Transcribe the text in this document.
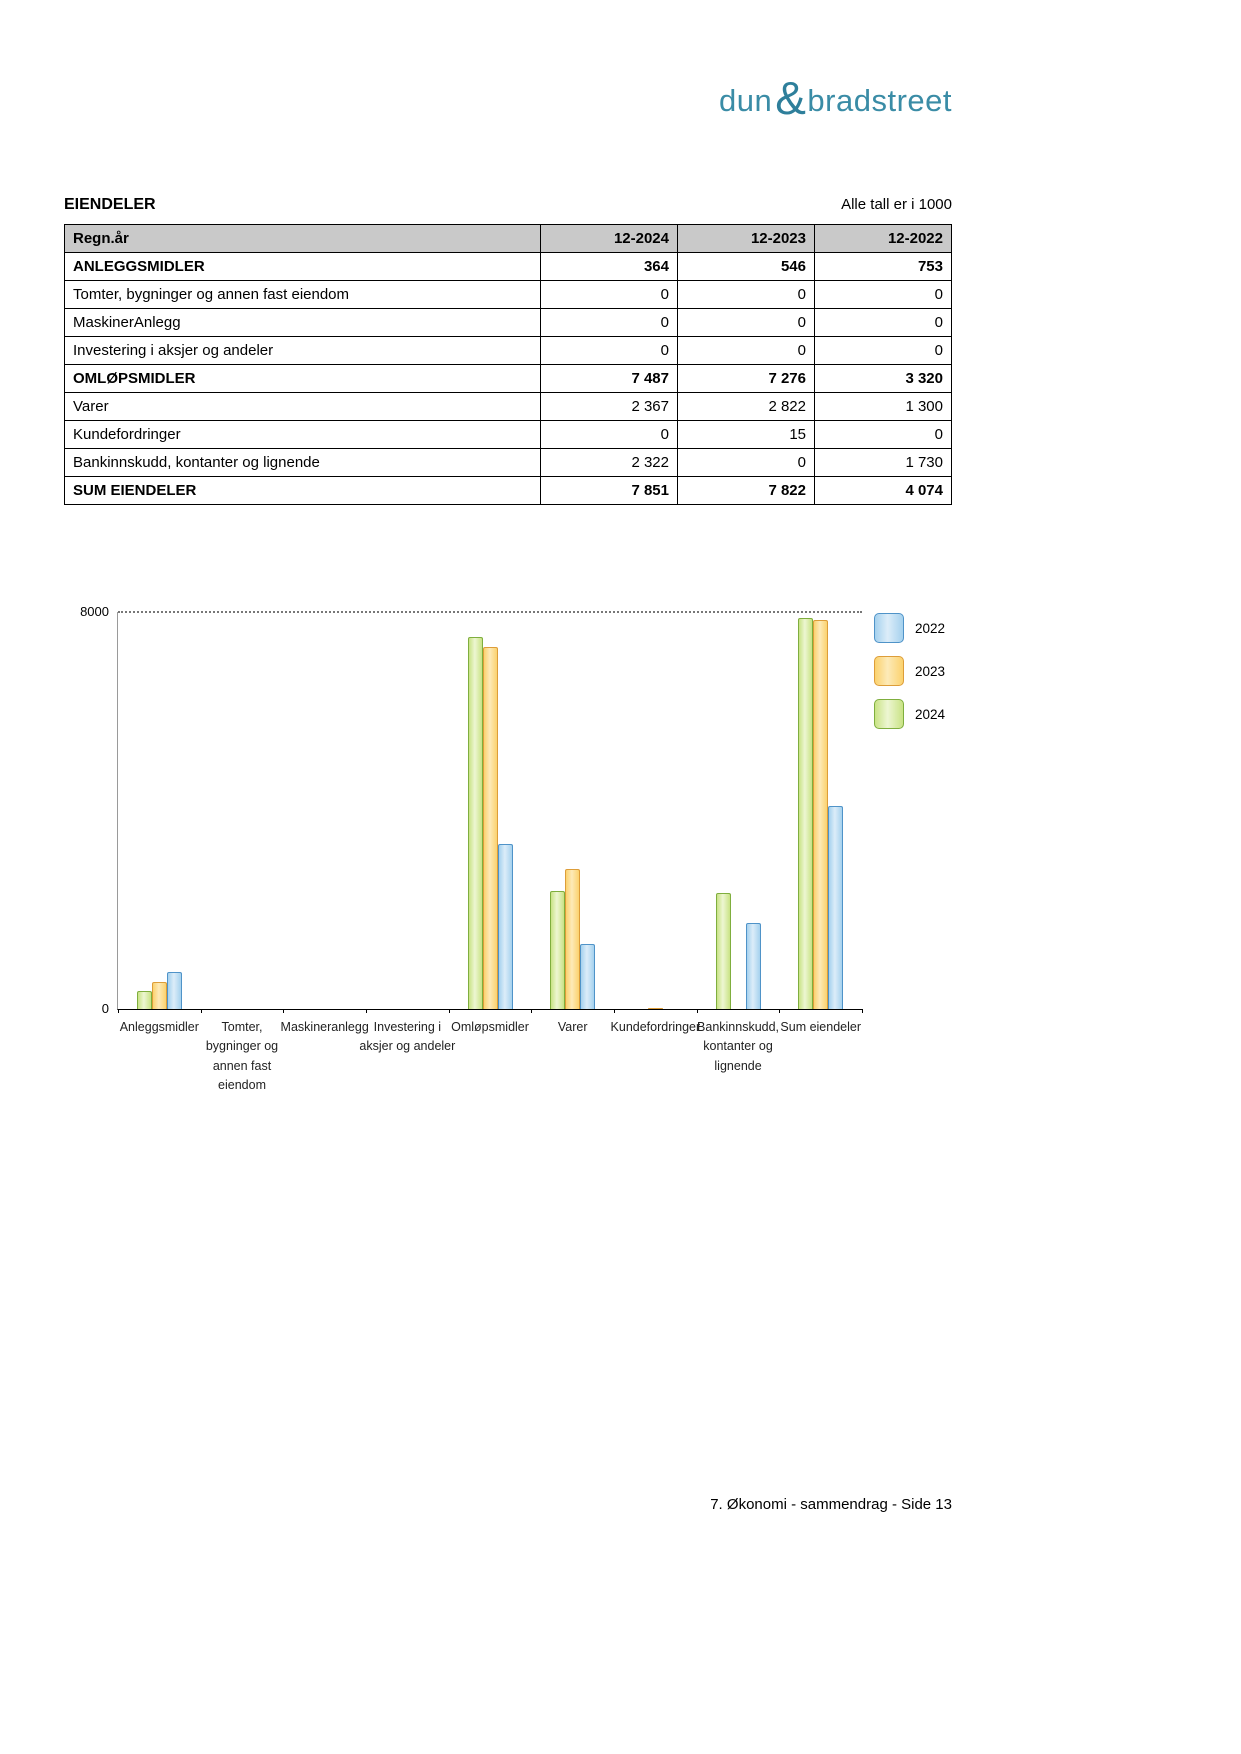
dun & bradstreet
EIENDELER	Alle tall er i 1000
Regn.år	12-2024	12-2023	12-2022
ANLEGGSMIDLER	364	546	753
Tomter, bygninger og annen fast eiendom	0	0	0
MaskinerAnlegg	0	0	0
Investering i aksjer og andeler	0	0	0
OMLØPSMIDLER	7 487	7 276	3 320
Varer	2 367	2 822	1 300
Kundefordringer	0	15	0
Bankinnskudd, kontanter og lignende	2 322	0	1 730
SUM EIENDELER	7 851	7 822	4 074
8000
0
Anleggsmidler	Tomter, bygninger og annen fast eiendom
Maskineranlegg Investering i aksjer og andeler
Omløpsmidler	Varer	Kundefordringer
Bankinnskudd, kontanter og lignende
Sum eiendeler
2022
2023
2024
7. Økonomi - sammendrag - Side 13
